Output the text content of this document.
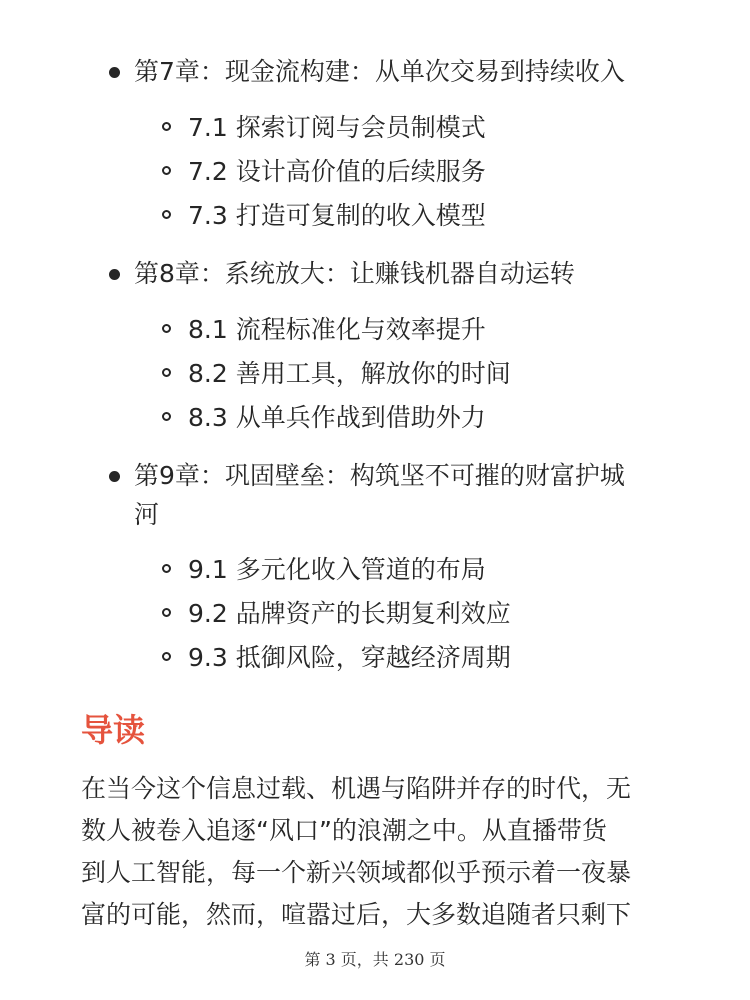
第7章：现金流构建：从单次交易到持续收入
7.1 探索订阅与会员制模式
7.2 设计高价值的后续服务
7.3 打造可复制的收入模型
第8章：系统放大：让赚钱机器自动运转
8.1 流程标准化与效率提升
8.2 善用工具，解放你的时间
8.3 从单兵作战到借助外力
第9章：巩固壁垒：构筑坚不可摧的财富护城
河
9.1 多元化收入管道的布局
9.2 品牌资产的长期复利效应
9.3 抵御风险，穿越经济周期
导读
在当今这个信息过载、机遇与陷阱并存的时代，无
数人被卷入追逐“风口”的浪潮之中。从直播带货
到人工智能，每一个新兴领域都似乎预示着一夜暴
富的可能，然而，喧嚣过后，大多数追随者只剩下
第 3 页，共 230 页
